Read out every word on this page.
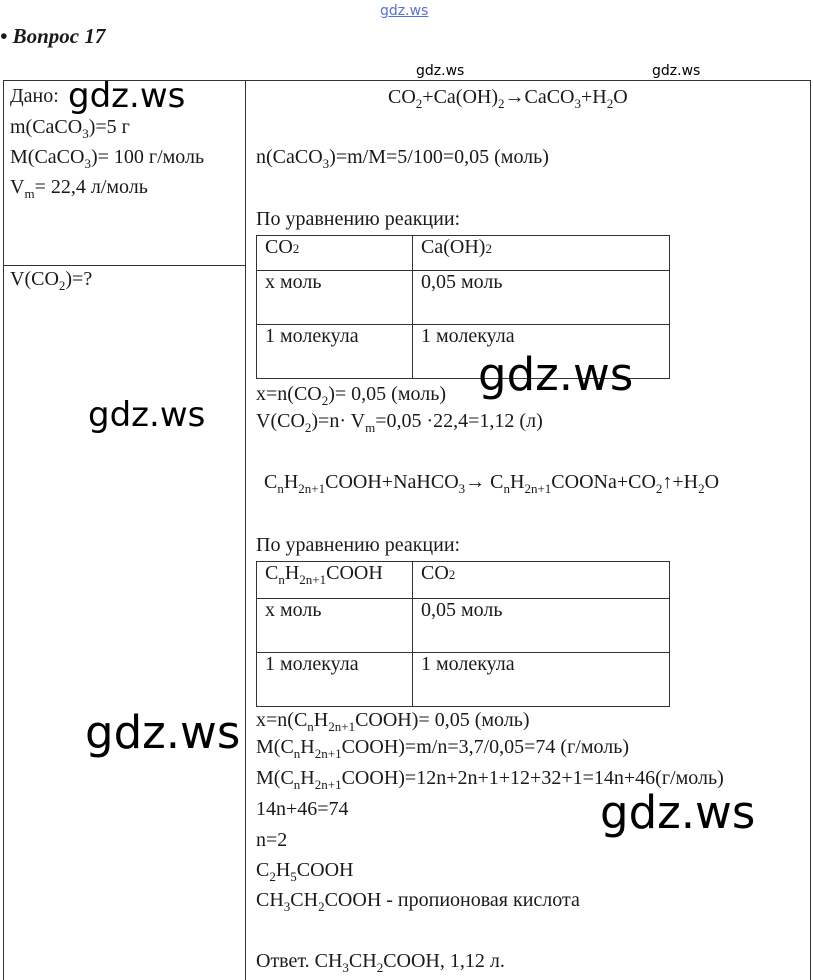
gdz.ws
• Вопрос 17
gdz.ws	gdz.ws
Дано:
m(CaCO$_3$)=5 г
M(CaCO$_3$)= 100 г/моль
$V_m= 22,4$ л/моль
$V(CO_2)=$?
$CO_2+Ca(OH)_2\to CaCO_3+H_2O$
n(CaCO$_3$)=m/M=5/100=0,05 (моль)
По уравнению реакции:
CO2	Ca(OH)2
x моль	0,05 моль
1 молекула	1 молекула
$x=n(CO_2)= 0,05$ (моль)
$V(CO_2)=n\cdot V_m=0,05 \cdot 22,4=1,12$ (л)
$C_nH_{2n+1}COOH+NaHCO_3\to$ $C_nH_{2n+1}COONa+CO_2↑+H_2O$
По уравнению реакции:
$C_nH_{2n+1}COOH$	CO2
x моль	0,05 моль
1 молекула	1 молекула
$x=n(C_nH_{2n+1}COOH)= 0,05$ (моль)
$M(C_nH_{2n+1}COOH)=m/n=3,7/0,05=74$ (г/моль)
$M(C_nH_{2n+1}COOH)=12n+2n+1+12+32+1=14n+46(г/моль)$
14n+46=74
n=2
$C_2H_5COOH$
$CH_3CH_2COOH$ - пропионовая кислота
Ответ. $CH_3CH_2COOH$, 1,12 л.
gdz.ws
gdz.ws
gdz.ws
gdz.ws
gdz.ws
